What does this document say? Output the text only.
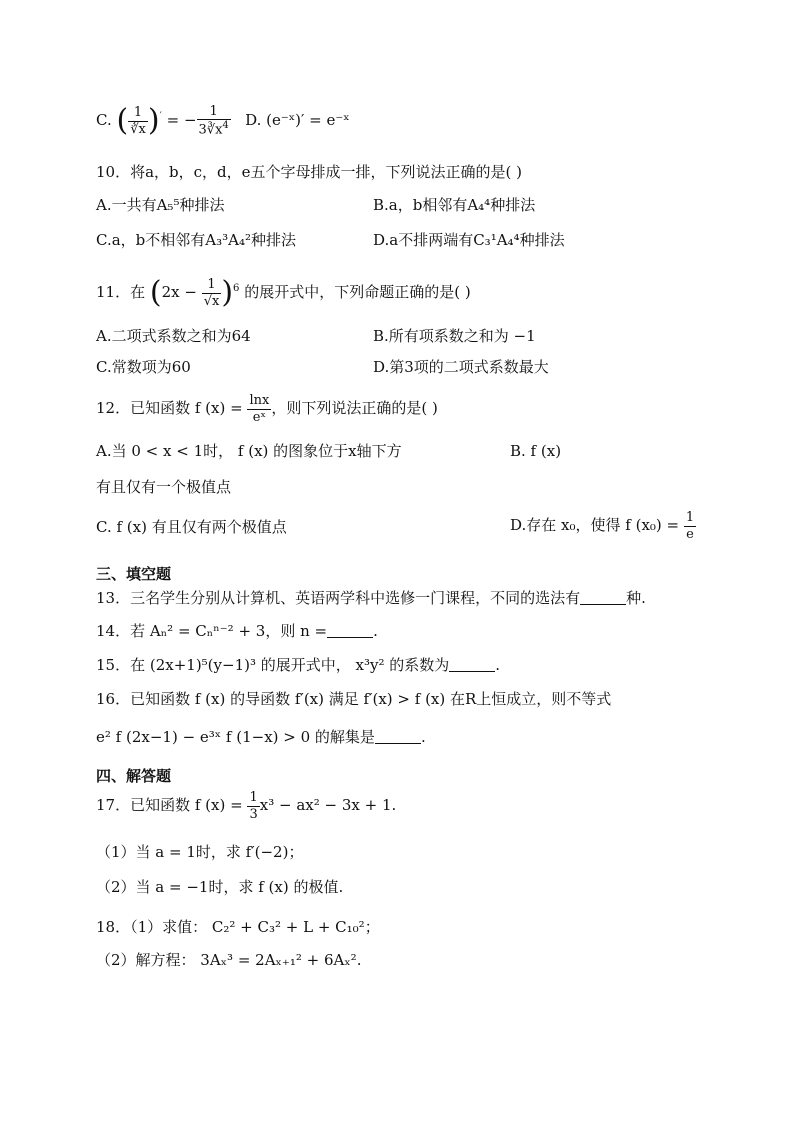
C. ( $\frac{1}{∛x} )'$ = − $\frac{1}{3∛x^4} D$. (e⁻ˣ)′ = e⁻ˣ
10．将a，b，c，d，e五个字母排成一排，下列说法正确的是( )
A.一共有A₅⁵种排法	B.a，b相邻有A₄⁴种排法
C.a，b不相邻有A₃³A₄²种排法	D.a不排两端有C₃¹A₄⁴种排法
11．在 $(2x - \frac{1}{√x} )^6$ 的展开式中，下列命题正确的是( )
A.二项式系数之和为64	B.所有项系数之和为 −1
C.常数项为60	D.第3项的二项式系数最大
12．已知函数 f $(x) = \frac{\ln x}{\text{eˣ}}$ ，则下列说法正确的是( )
A.当 0 < x < 1时， f (x) 的图象位于x轴下方	B. f (x)
有且仅有一个极值点
C. f (x) 有且仅有两个极值点	D.存在 x₀，使得 f $(x_0) = \frac{1}{e}$
三、填空题
13．三名学生分别从计算机、英语两学科中选修一门课程，不同的选法有	种.
14．若 Aₙ² = Cₙⁿ⁻² + 3，则 n =	.
15．在 (2x+1)⁵(y−1)³ 的展开式中， x³y² 的系数为	.
16．已知函数 f (x) 的导函数 f′(x) 满足 f′(x) > f (x) 在R上恒成立，则不等式
e² f (2x−1) − e³ˣ f (1−x) > 0 的解集是	.
四、解答题
17．已知函数 f $(x) = \frac{1}{3} x^3 - ax^2 - 3x + 1$.
（1）当 a = 1时，求 f′(−2)；
（2）当 a = −1时，求 f (x) 的极值.
18．（1）求值： C₂² + C₃² + L + C₁₀²；
（2）解方程： 3Aₓ³ = 2Aₓ₊₁² + 6Aₓ².
